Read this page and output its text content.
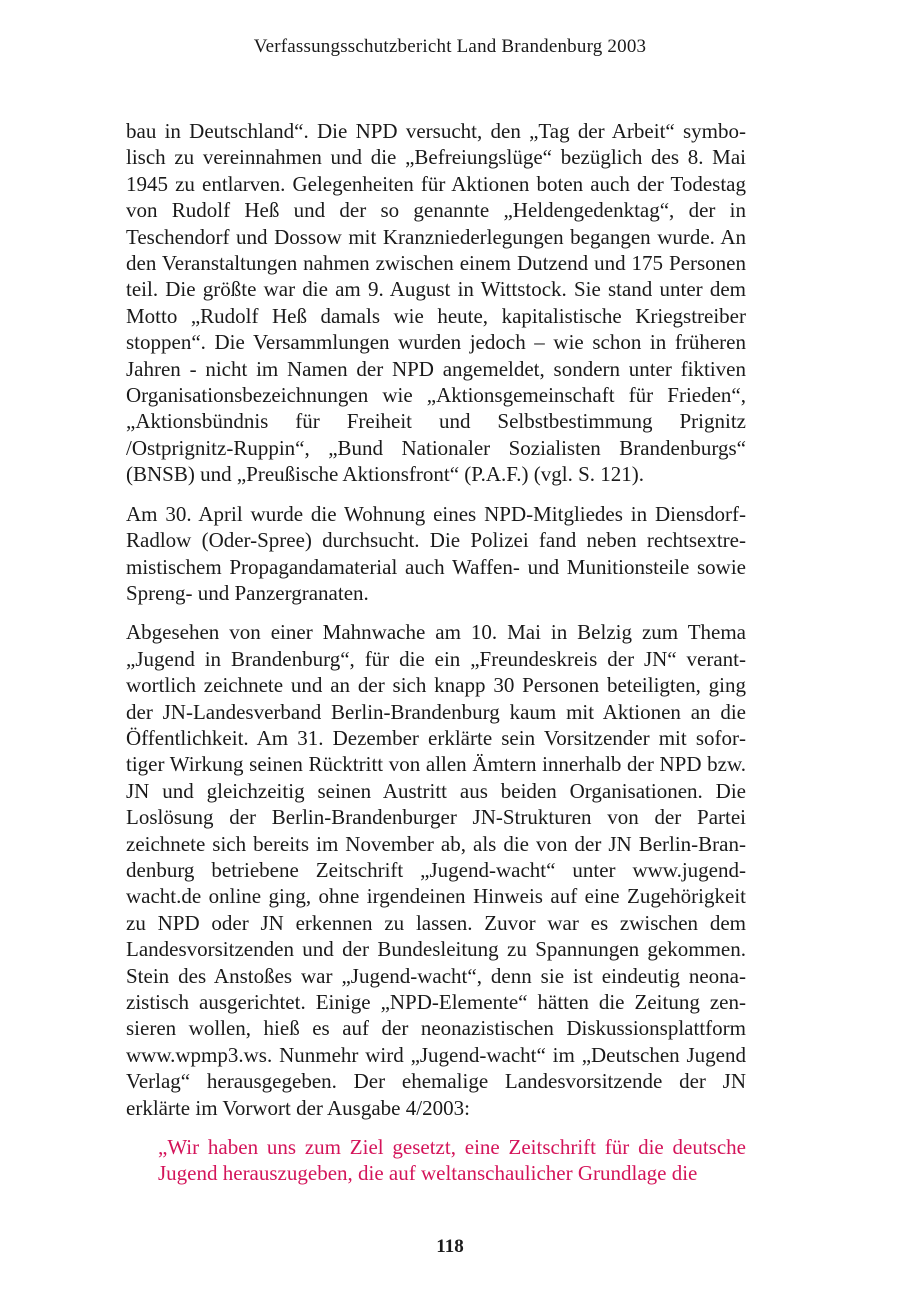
Verfassungsschutzbericht Land Brandenburg 2003

bau in Deutschland“. Die NPD versucht, den „Tag der Arbeit“ symbolisch zu vereinnahmen und die „Befreiungslüge“ bezüglich des 8. Mai 1945 zu entlarven. Gelegenheiten für Aktionen boten auch der Todestag von Rudolf Heß und der so genannte „Heldengedenktag“, der in Teschendorf und Dossow mit Kranzniederlegungen begangen wurde. An den Veranstaltungen nahmen zwischen einem Dutzend und 175 Personen teil. Die größte war die am 9. August in Wittstock. Sie stand unter dem Motto „Rudolf Heß damals wie heute, kapitalistische Kriegstreiber stoppen“. Die Versammlungen wurden jedoch – wie schon in früheren Jahren - nicht im Namen der NPD angemeldet, sondern unter fiktiven Organisationsbezeichnungen wie „Aktionsgemeinschaft für Frieden“, „Aktionsbündnis für Freiheit und Selbstbestimmung Prignitz /Ostprignitz-Ruppin“, „Bund Nationaler Sozialisten Brandenburgs“ (BNSB) und „Preußische Aktionsfront“ (P.A.F.) (vgl. S. 121).

Am 30. April wurde die Wohnung eines NPD-Mitgliedes in Diensdorf-Radlow (Oder-Spree) durchsucht. Die Polizei fand neben rechtsextremistischem Propagandamaterial auch Waffen- und Munitionsteile sowie Spreng- und Panzergranaten.

Abgesehen von einer Mahnwache am 10. Mai in Belzig zum Thema „Jugend in Brandenburg“, für die ein „Freundeskreis der JN“ verantwortlich zeichnete und an der sich knapp 30 Personen beteiligten, ging der JN-Landesverband Berlin-Brandenburg kaum mit Aktionen an die Öffentlichkeit. Am 31. Dezember erklärte sein Vorsitzender mit sofortiger Wirkung seinen Rücktritt von allen Ämtern innerhalb der NPD bzw. JN und gleichzeitig seinen Austritt aus beiden Organisationen. Die Loslösung der Berlin-Brandenburger JN-Strukturen von der Partei zeichnete sich bereits im November ab, als die von der JN Berlin-Brandenburg betriebene Zeitschrift „Jugend-wacht“ unter www.jugend-wacht.de online ging, ohne irgendeinen Hinweis auf eine Zugehörigkeit zu NPD oder JN erkennen zu lassen. Zuvor war es zwischen dem Landesvorsitzenden und der Bundesleitung zu Spannungen gekommen. Stein des Anstoßes war „Jugend-wacht“, denn sie ist eindeutig neonazistisch ausgerichtet. Einige „NPD-Elemente“ hätten die Zeitung zensieren wollen, hieß es auf der neonazistischen Diskussionsplattform www.wpmp3.ws. Nunmehr wird „Jugend-wacht“ im „Deutschen Jugend Verlag“ herausgegeben. Der ehemalige Landesvorsitzende der JN erklärte im Vorwort der Ausgabe 4/2003:

„Wir haben uns zum Ziel gesetzt, eine Zeitschrift für die deutsche Jugend herauszugeben, die auf weltanschaulicher Grundlage die

118
